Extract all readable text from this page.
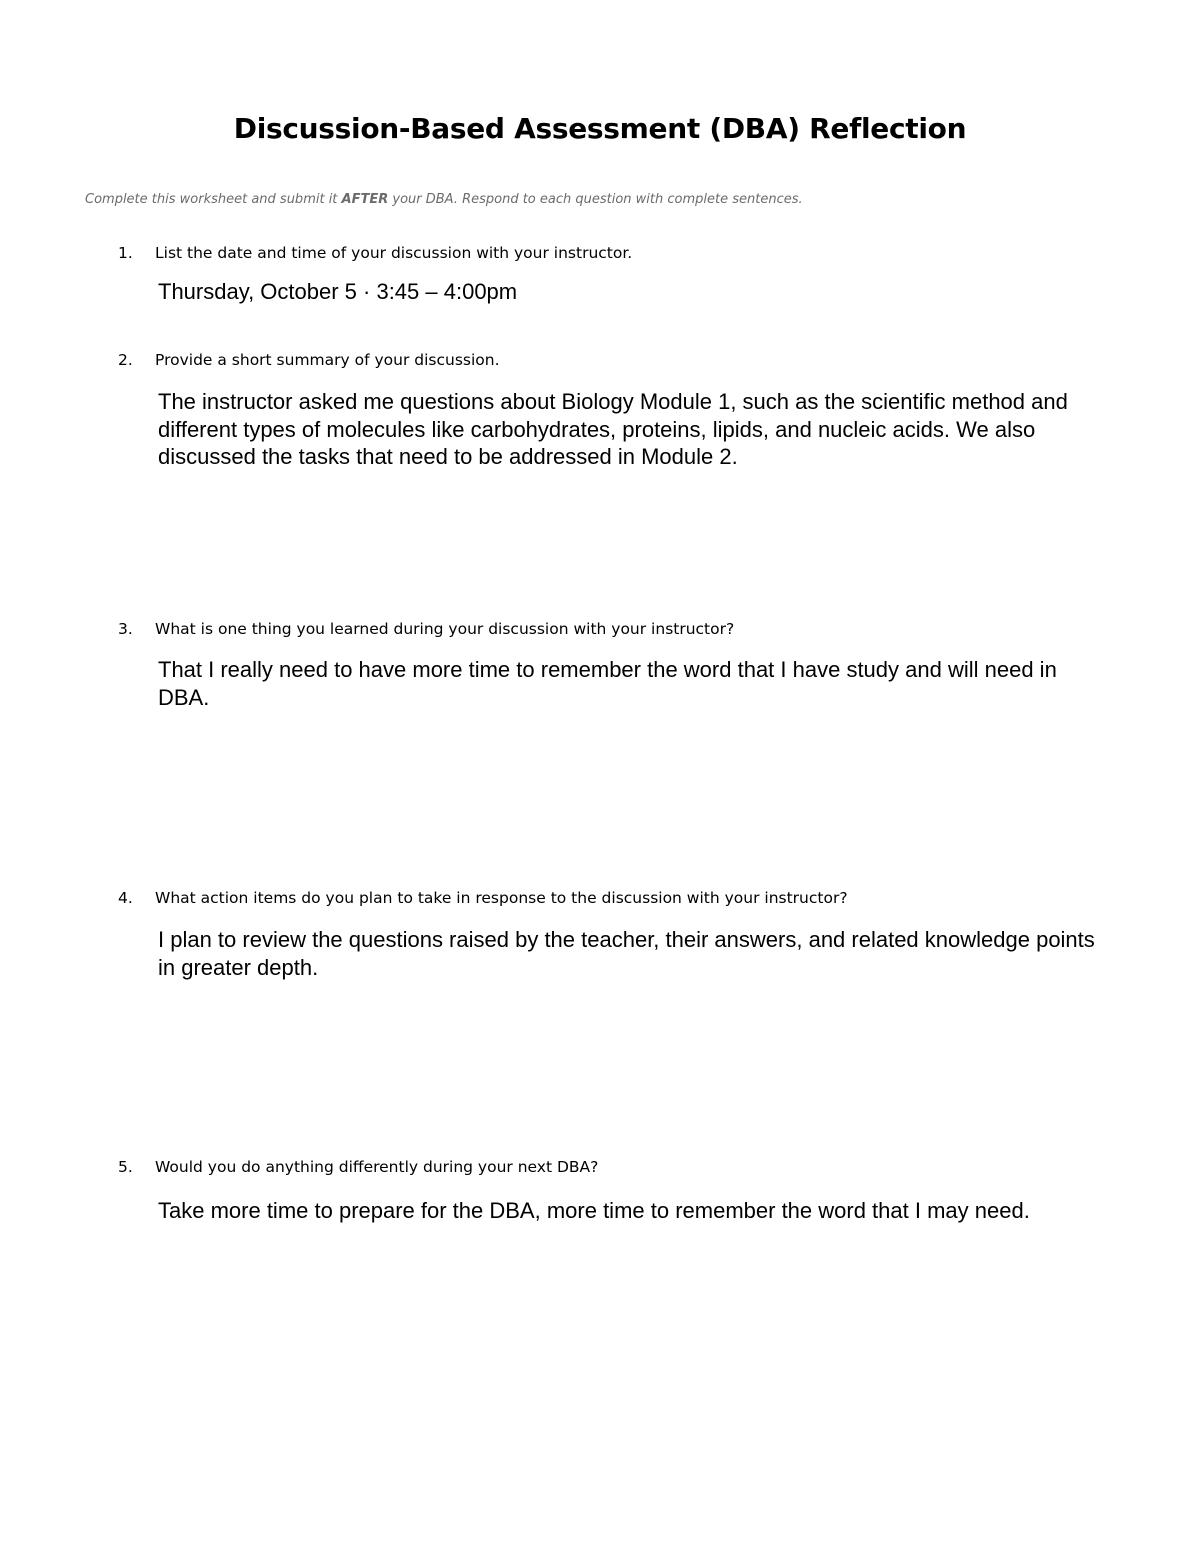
Discussion-Based Assessment (DBA) Reflection

Complete this worksheet and submit it AFTER your DBA. Respond to each question with complete sentences.

1. List the date and time of your discussion with your instructor.

Thursday, October 5 · 3:45 – 4:00pm

2. Provide a short summary of your discussion.

The instructor asked me questions about Biology Module 1, such as the scientific method and different types of molecules like carbohydrates, proteins, lipids, and nucleic acids. We also discussed the tasks that need to be addressed in Module 2.

3. What is one thing you learned during your discussion with your instructor?

That I really need to have more time to remember the word that I have study and will need in DBA.

4. What action items do you plan to take in response to the discussion with your instructor?

I plan to review the questions raised by the teacher, their answers, and related knowledge points in greater depth.

5. Would you do anything differently during your next DBA?

Take more time to prepare for the DBA, more time to remember the word that I may need.
